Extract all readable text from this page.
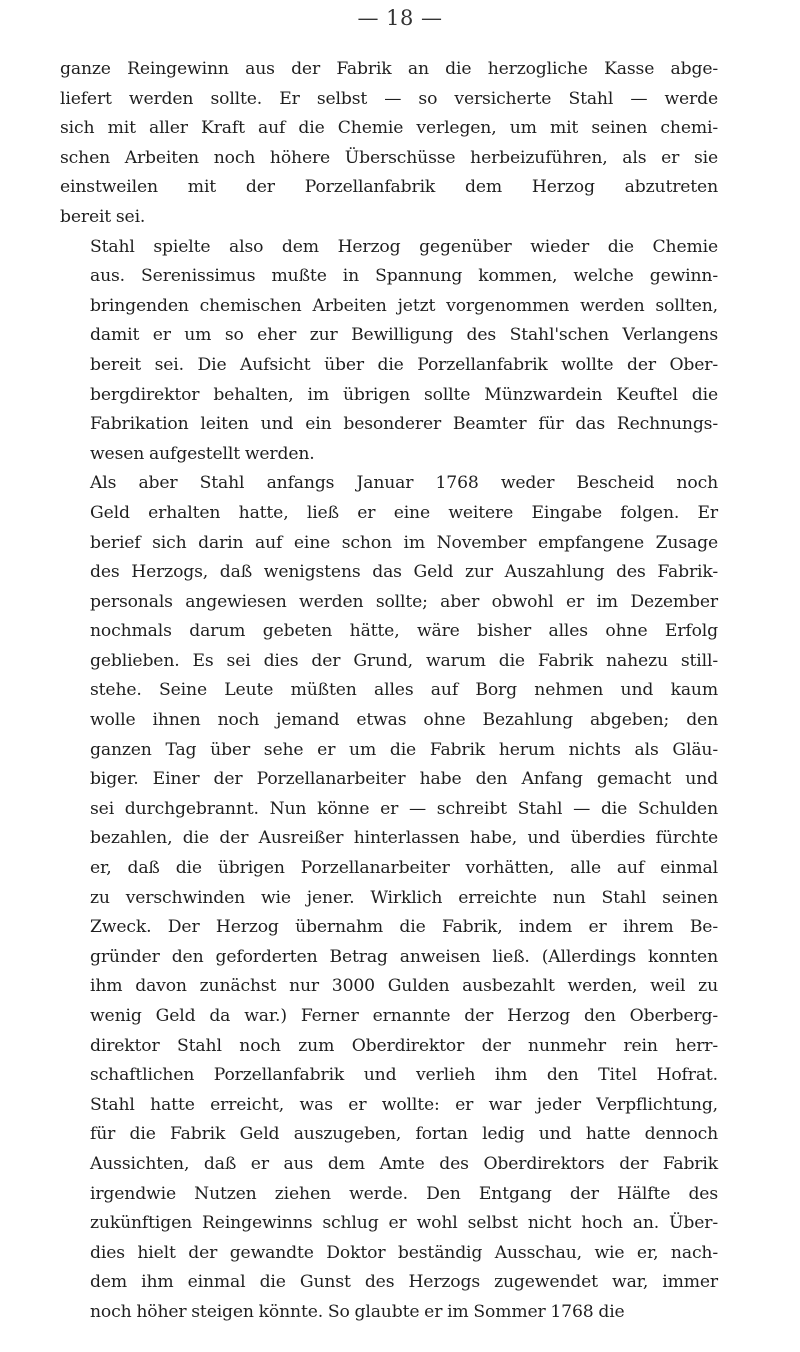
— 18 —

ganze Reingewinn aus der Fabrik an die herzogliche Kasse abge-
liefert werden sollte. Er selbst — so versicherte Stahl — werde
sich mit aller Kraft auf die Chemie verlegen, um mit seinen chemi-
schen Arbeiten noch höhere Überschüsse herbeizuführen, als er sie
einstweilen mit der Porzellanfabrik dem Herzog abzutreten
bereit sei.

Stahl spielte also dem Herzog gegenüber wieder die Chemie
aus. Serenissimus mußte in Spannung kommen, welche gewinn-
bringenden chemischen Arbeiten jetzt vorgenommen werden sollten,
damit er um so eher zur Bewilligung des Stahl'schen Verlangens
bereit sei. Die Aufsicht über die Porzellanfabrik wollte der Ober-
bergdirektor behalten, im übrigen sollte Münzwardein Keuftel die
Fabrikation leiten und ein besonderer Beamter für das Rechnungs-
wesen aufgestellt werden.

Als aber Stahl anfangs Januar 1768 weder Bescheid noch
Geld erhalten hatte, ließ er eine weitere Eingabe folgen. Er
berief sich darin auf eine schon im November empfangene Zusage
des Herzogs, daß wenigstens das Geld zur Auszahlung des Fabrik-
personals angewiesen werden sollte; aber obwohl er im Dezember
nochmals darum gebeten hätte, wäre bisher alles ohne Erfolg
geblieben. Es sei dies der Grund, warum die Fabrik nahezu still-
stehe. Seine Leute müßten alles auf Borg nehmen und kaum
wolle ihnen noch jemand etwas ohne Bezahlung abgeben; den
ganzen Tag über sehe er um die Fabrik herum nichts als Gläu-
biger. Einer der Porzellanarbeiter habe den Anfang gemacht und
sei durchgebrannt. Nun könne er — schreibt Stahl — die Schulden
bezahlen, die der Ausreißer hinterlassen habe, und überdies fürchte
er, daß die übrigen Porzellanarbeiter vorhätten, alle auf einmal
zu verschwinden wie jener. Wirklich erreichte nun Stahl seinen
Zweck. Der Herzog übernahm die Fabrik, indem er ihrem Be-
gründer den geforderten Betrag anweisen ließ. (Allerdings konnten
ihm davon zunächst nur 3000 Gulden ausbezahlt werden, weil zu
wenig Geld da war.) Ferner ernannte der Herzog den Oberberg-
direktor Stahl noch zum Oberdirektor der nunmehr rein herr-
schaftlichen Porzellanfabrik und verlieh ihm den Titel Hofrat.
Stahl hatte erreicht, was er wollte: er war jeder Verpflichtung,
für die Fabrik Geld auszugeben, fortan ledig und hatte dennoch
Aussichten, daß er aus dem Amte des Oberdirektors der Fabrik
irgendwie Nutzen ziehen werde. Den Entgang der Hälfte des
zukünftigen Reingewinns schlug er wohl selbst nicht hoch an. Über-
dies hielt der gewandte Doktor beständig Ausschau, wie er, nach-
dem ihm einmal die Gunst des Herzogs zugewendet war, immer
noch höher steigen könnte. So glaubte er im Sommer 1768 die
